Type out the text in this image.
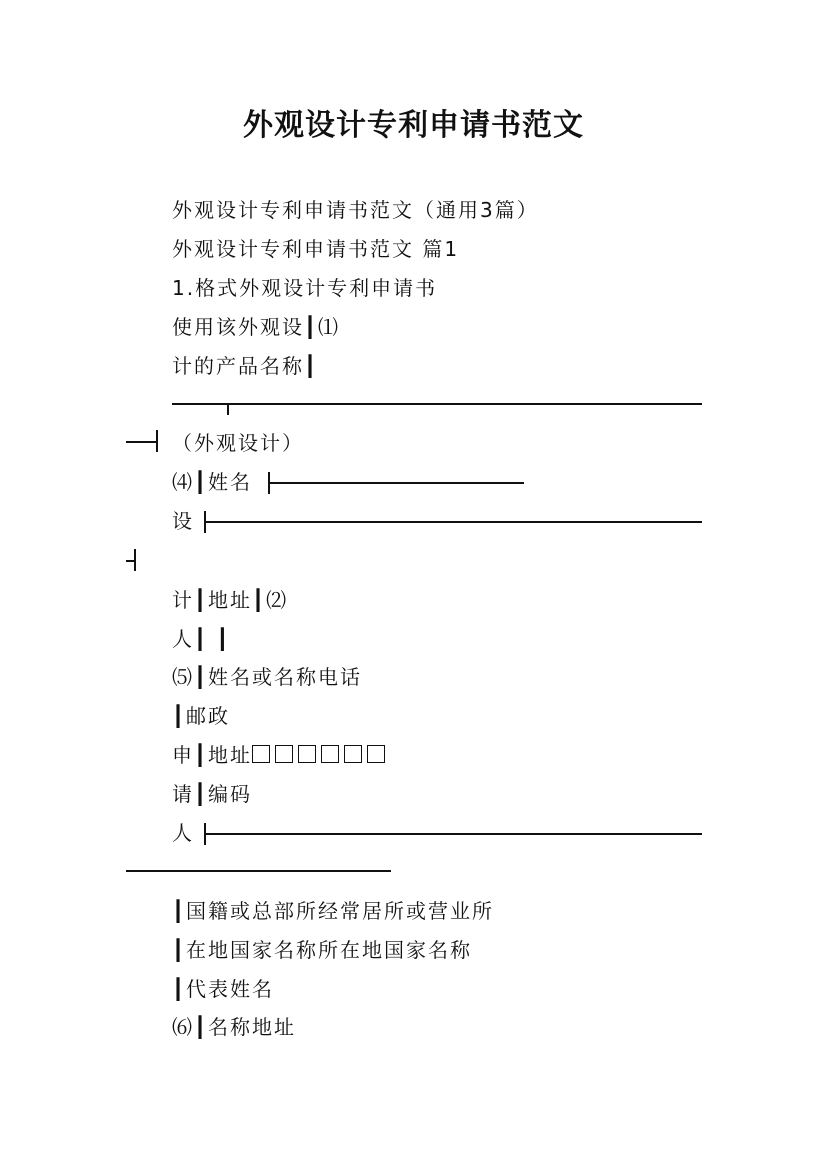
外观设计专利申请书范文
外观设计专利申请书范文（通用3篇）
外观设计专利申请书范文 篇1
1.格式外观设计专利申请书
使用该外观设┃⑴
计的产品名称┃
（外观设计）
⑷┃姓名
设
计┃地址┃⑵
人┃ ┃
⑸┃姓名或名称电话
┃邮政
申┃地址
请┃编码
人
┃国籍或总部所经常居所或营业所
┃在地国家名称所在地国家名称
┃代表姓名
⑹┃名称地址
